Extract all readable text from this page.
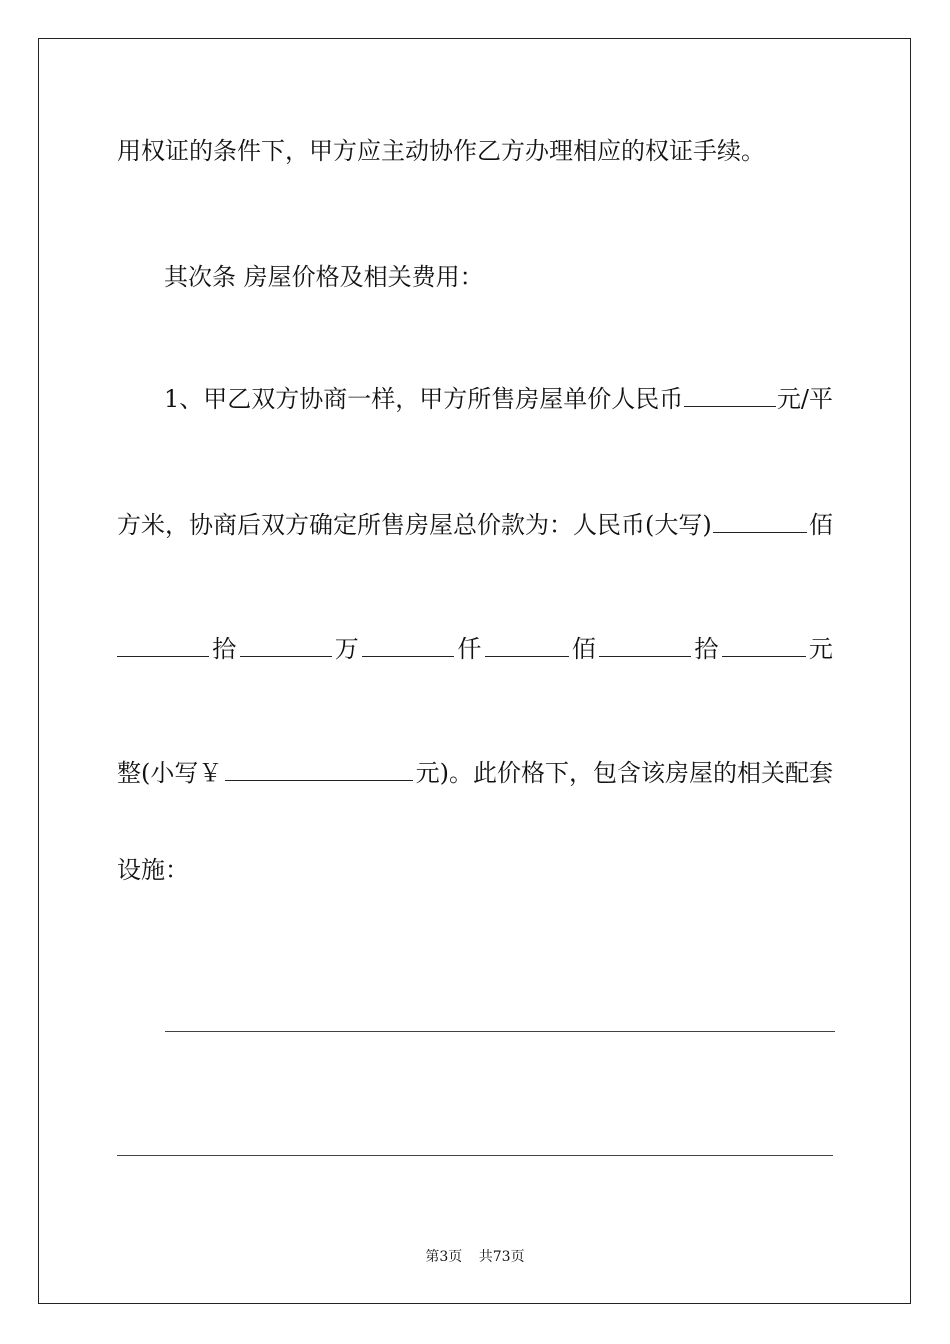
用权证的条件下，甲方应主动协作乙方办理相应的权证手续。
其次条 房屋价格及相关费用：
1、甲乙双方协商一样，甲方所售房屋单价人民币	元/平
方米，协商后双方确定所售房屋总价款为：人民币(大写)	佰
拾	万	仟	佰	拾	元
整(小写￥	元)。此价格下，包含该房屋的相关配套
设施：
第3页 共73页
